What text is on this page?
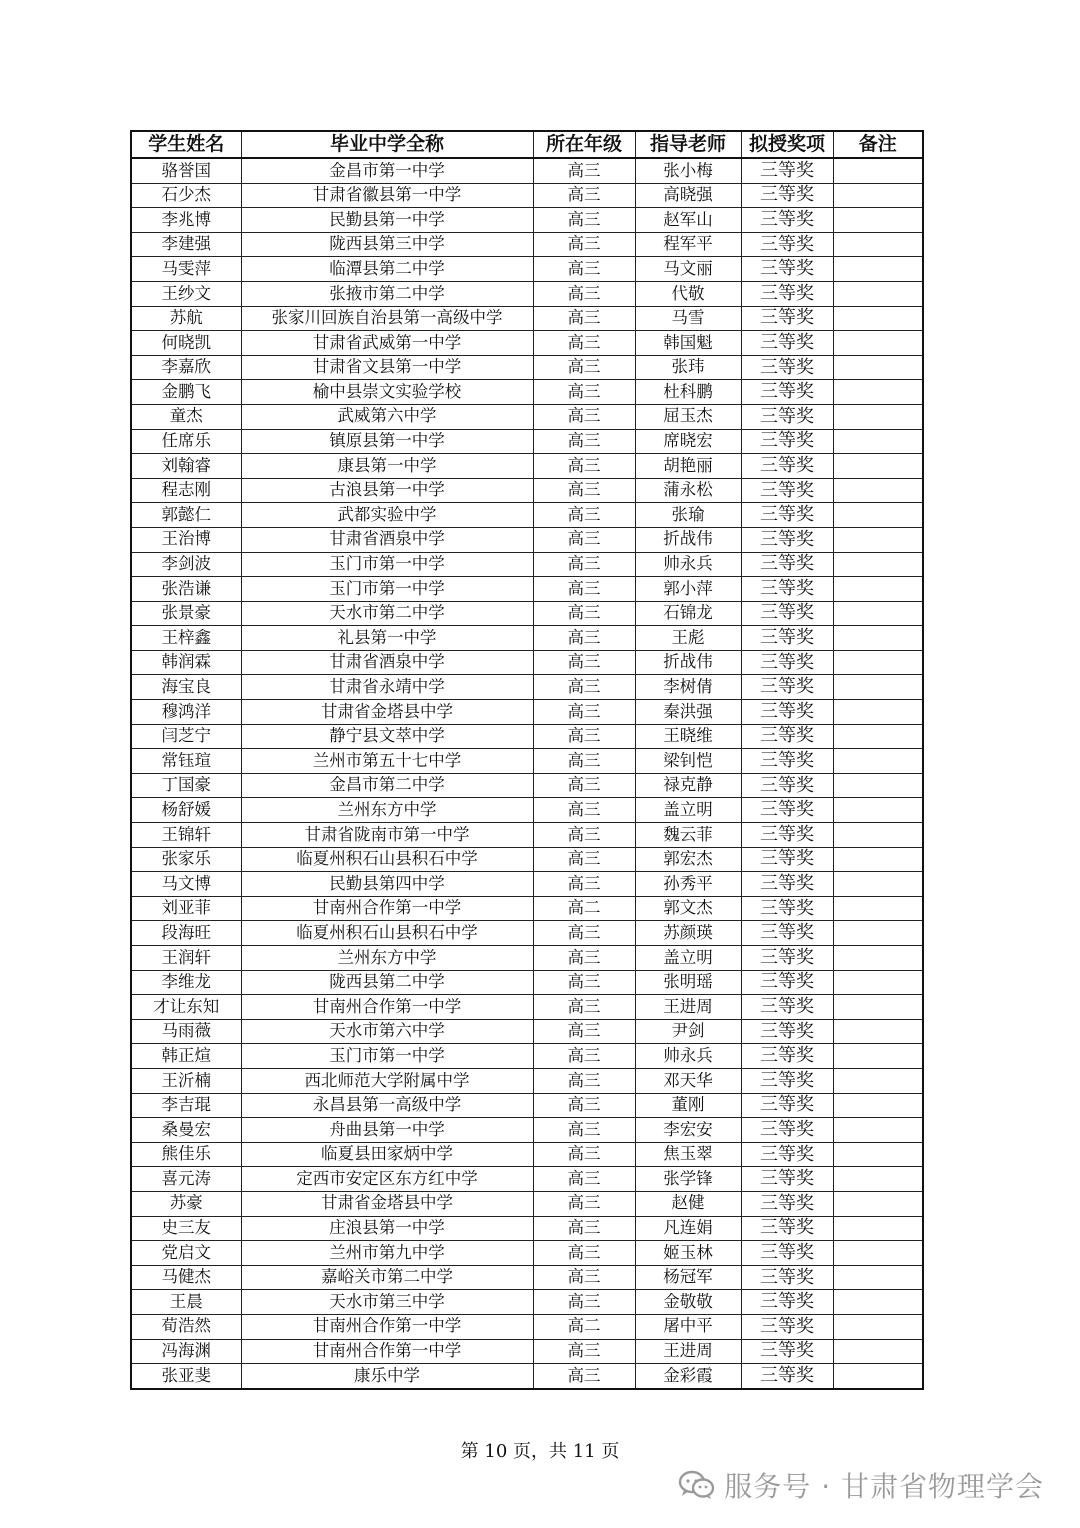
学生姓名	毕业中学全称	所在年级	指导老师	拟授奖项	备注
骆誉国	金昌市第一中学	高三	张小梅	三等奖	
石少杰	甘肃省徽县第一中学	高三	高晓强	三等奖	
李兆博	民勤县第一中学	高三	赵军山	三等奖	
李建强	陇西县第三中学	高三	程军平	三等奖	
马雯萍	临潭县第二中学	高三	马文丽	三等奖	
王纱文	张掖市第二中学	高三	代敬	三等奖	
苏航	张家川回族自治县第一高级中学	高三	马雪	三等奖	
何晓凯	甘肃省武威第一中学	高三	韩国魁	三等奖	
李嘉欣	甘肃省文县第一中学	高三	张玮	三等奖	
金鹏飞	榆中县崇文实验学校	高三	杜科鹏	三等奖	
童杰	武威第六中学	高三	屈玉杰	三等奖	
任席乐	镇原县第一中学	高三	席晓宏	三等奖	
刘翰睿	康县第一中学	高三	胡艳丽	三等奖	
程志刚	古浪县第一中学	高三	蒲永松	三等奖	
郭懿仁	武都实验中学	高三	张瑜	三等奖	
王治博	甘肃省酒泉中学	高三	折战伟	三等奖	
李剑波	玉门市第一中学	高三	帅永兵	三等奖	
张浩谦	玉门市第一中学	高三	郭小萍	三等奖	
张景豪	天水市第二中学	高三	石锦龙	三等奖	
王梓鑫	礼县第一中学	高三	王彪	三等奖	
韩润霖	甘肃省酒泉中学	高三	折战伟	三等奖	
海宝良	甘肃省永靖中学	高三	李树倩	三等奖	
穆鸿洋	甘肃省金塔县中学	高三	秦洪强	三等奖	
闫芝宁	静宁县文萃中学	高三	王晓维	三等奖	
常钰瑄	兰州市第五十七中学	高三	梁钊恺	三等奖	
丁国豪	金昌市第二中学	高三	禄克静	三等奖	
杨舒媛	兰州东方中学	高三	盖立明	三等奖	
王锦轩	甘肃省陇南市第一中学	高三	魏云菲	三等奖	
张家乐	临夏州积石山县积石中学	高三	郭宏杰	三等奖	
马文博	民勤县第四中学	高三	孙秀平	三等奖	
刘亚菲	甘南州合作第一中学	高二	郭文杰	三等奖	
段海旺	临夏州积石山县积石中学	高三	苏颜瑛	三等奖	
王润轩	兰州东方中学	高三	盖立明	三等奖	
李维龙	陇西县第二中学	高三	张明瑶	三等奖	
才让东知	甘南州合作第一中学	高三	王进周	三等奖	
马雨薇	天水市第六中学	高三	尹剑	三等奖	
韩正煊	玉门市第一中学	高三	帅永兵	三等奖	
王沂楠	西北师范大学附属中学	高三	邓天华	三等奖	
李吉琨	永昌县第一高级中学	高三	董刚	三等奖	
桑曼宏	舟曲县第一中学	高三	李宏安	三等奖	
熊佳乐	临夏县田家炳中学	高三	焦玉翠	三等奖	
喜元涛	定西市安定区东方红中学	高三	张学锋	三等奖	
苏豪	甘肃省金塔县中学	高三	赵健	三等奖	
史三友	庄浪县第一中学	高三	凡连娟	三等奖	
党启文	兰州市第九中学	高三	姬玉林	三等奖	
马健杰	嘉峪关市第二中学	高三	杨冠军	三等奖	
王晨	天水市第三中学	高三	金敬敬	三等奖	
荀浩然	甘南州合作第一中学	高二	屠中平	三等奖	
冯海渊	甘南州合作第一中学	高三	王进周	三等奖	
张亚斐	康乐中学	高三	金彩霞	三等奖	
第 10 页，共 11 页
服务号 · 甘肃省物理学会
